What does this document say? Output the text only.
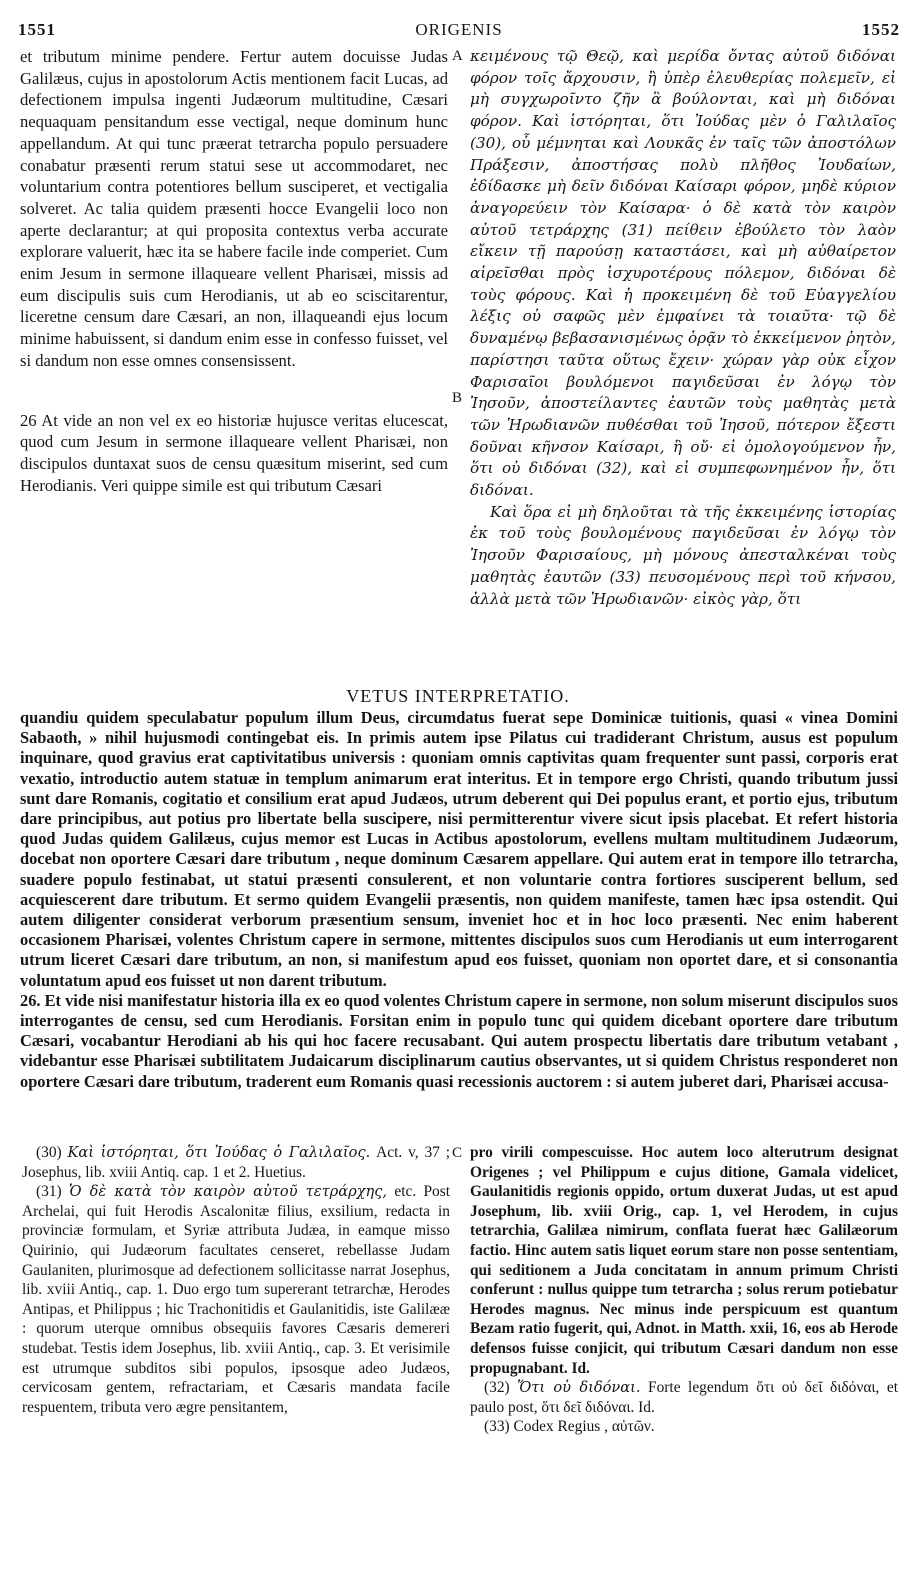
1551	ORIGENIS	1552

et tributum minime pendere. Fertur autem docuisse Judas Galilæus, cujus in apostolorum Actis mentionem facit Lucas, ad defectionem impulsa ingenti Judæorum multitudine, Cæsari nequaquam pensitandum esse vectigal, neque dominum hunc appellandum. At qui tunc præerat tetrarcha populo persuadere conabatur præsenti rerum statui sese ut accommodaret, nec voluntarium contra potentiores bellum susciperet, et vectigalia solveret. Ac talia quidem præsenti hocce Evangelii loco non aperte declarantur; at qui proposita contextus verba accurate explorare valuerit, hæc ita se habere facile inde comperiet. Cum enim Jesum in sermone illaqueare vellent Pharisæi, missis ad eum discipulis suis cum Herodianis, ut ab eo sciscitarentur, liceretne censum dare Cæsari, an non, illaqueandi ejus locum minime habuissent, si dandum enim esse in confesso fuisset, vel si dandum non esse omnes consensissent.

26 At vide an non vel ex eo historiæ hujusce veritas elucescat, quod cum Jesum in sermone illaqueare vellent Pharisæi, non discipulos duntaxat suos de censu quæsitum miserint, sed cum Herodianis. Veri quippe simile est qui tributum Cæsari

A
B

κειμένους τῷ Θεῷ, καὶ μερίδα ὄντας αὐτοῦ διδόναι φόρον τοῖς ἄρχουσιν, ἢ ὑπὲρ ἐλευθερίας πολεμεῖν, εἰ μὴ συγχωροῖντο ζῆν ἃ βούλονται, καὶ μὴ διδόναι φόρον. Καὶ ἱστόρηται, ὅτι Ἰούδας μὲν ὁ Γαλιλαῖος (30), οὗ μέμνηται καὶ Λουκᾶς ἐν ταῖς τῶν ἀποστόλων Πράξεσιν, ἀποστήσας πολὺ πλῆθος Ἰουδαίων, ἐδίδασκε μὴ δεῖν διδόναι Καίσαρι φόρον, μηδὲ κύριον ἀναγορεύειν τὸν Καίσαρα· ὁ δὲ κατὰ τὸν καιρὸν αὐτοῦ τετράρχης (31) πείθειν ἐβούλετο τὸν λαὸν εἴκειν τῇ παρούσῃ καταστάσει, καὶ μὴ αὐθαίρετον αἱρεῖσθαι πρὸς ἰσχυροτέρους πόλεμον, διδόναι δὲ τοὺς φόρους. Καὶ ἡ προκειμένη δὲ τοῦ Εὐαγγελίου λέξις οὐ σαφῶς μὲν ἐμφαίνει τὰ τοιαῦτα· τῷ δὲ δυναμένῳ βεβασανισμένως ὁρᾷν τὸ ἐκκείμενον ῥητὸν, παρίστησι ταῦτα οὕτως ἔχειν· χώραν γὰρ οὐκ εἶχον Φαρισαῖοι βουλόμενοι παγιδεῦσαι ἐν λόγῳ τὸν Ἰησοῦν, ἀποστείλαντες ἑαυτῶν τοὺς μαθητὰς μετὰ τῶν Ἡρωδιανῶν πυθέσθαι τοῦ Ἰησοῦ, πότερον ἔξεστι δοῦναι κῆνσον Καίσαρι, ἢ οὔ· εἰ ὁμολογούμενον ἦν, ὅτι οὐ διδόναι (32), καὶ εἰ συμπεφωνημένον ἦν, ὅτι διδόναι.

Καὶ ὅρα εἰ μὴ δηλοῦται τὰ τῆς ἐκκειμένης ἱστορίας ἐκ τοῦ τοὺς βουλομένους παγιδεῦσαι ἐν λόγῳ τὸν Ἰησοῦν Φαρισαίους, μὴ μόνους ἀπεσταλκέναι τοὺς μαθητὰς ἑαυτῶν (33) πευσομένους περὶ τοῦ κήνσου, ἀλλὰ μετὰ τῶν Ἡρωδιανῶν· εἰκὸς γὰρ, ὅτι

VETUS INTERPRETATIO.

quandiu quidem speculabatur populum illum Deus, circumdatus fuerat sepe Dominicæ tuitionis, quasi « vinea Domini Sabaoth, » nihil hujusmodi contingebat eis. In primis autem ipse Pilatus cui tradiderant Christum, ausus est populum inquinare, quod gravius erat captivitatibus universis : quoniam omnis captivitas quam frequenter sunt passi, corporis erat vexatio, introductio autem statuæ in templum animarum erat interitus. Et in tempore ergo Christi, quando tributum jussi sunt dare Romanis, cogitatio et consilium erat apud Judæos, utrum deberent qui Dei populus erant, et portio ejus, tributum dare principibus, aut potius pro libertate bella suscipere, nisi permitterentur vivere sicut ipsis placebat. Et refert historia quod Judas quidem Galilæus, cujus memor est Lucas in Actibus apostolorum, evellens multam multitudinem Judæorum, docebat non oportere Cæsari dare tributum , neque dominum Cæsarem appellare. Qui autem erat in tempore illo tetrarcha, suadere populo festinabat, ut statui præsenti consulerent, et non voluntarie contra fortiores susciperent bellum, sed acquiescerent dare tributum. Et sermo quidem Evangelii præsentis, non quidem manifeste, tamen hæc ipsa ostendit. Qui autem diligenter considerat verborum præsentium sensum, inveniet hoc et in hoc loco præsenti. Nec enim haberent occasionem Pharisæi, volentes Christum capere in sermone, mittentes discipulos suos cum Herodianis ut eum interrogarent utrum liceret Cæsari dare tributum, an non, si manifestum apud eos fuisset, quoniam non oportet dare, et si consonantia voluntatum apud eos fuisset ut non darent tributum.

26. Et vide nisi manifestatur historia illa ex eo quod volentes Christum capere in sermone, non solum miserunt discipulos suos interrogantes de censu, sed cum Herodianis. Forsitan enim in populo tunc qui quidem dicebant oportere dare tributum Cæsari, vocabantur Herodiani ab his qui hoc facere recusabant. Qui autem prospectu libertatis dare tributum vetabant , videbantur esse Pharisæi subtilitatem Judaicarum disciplinarum cautius observantes, ut si quidem Christus responderet non oportere Cæsari dare tributum, traderent eum Romanis quasi recessionis auctorem : si autem juberet dari, Pharisæi accusa-

C

(30) Καὶ ἱστόρηται, ὅτι Ἰούδας ὁ Γαλιλαῖος. Act. v, 37 ; Josephus, lib. xviii Antiq. cap. 1 et 2. Huetius.

(31) Ὁ δὲ κατὰ τὸν καιρὸν αὐτοῦ τετράρχης, etc. Post Archelai, qui fuit Herodis Ascalonitæ filius, exsilium, redacta in provinciæ formulam, et Syriæ attributa Judæa, in eamque misso Quirinio, qui Judæorum facultates censeret, rebellasse Judam Gaulaniten, plurimosque ad defectionem sollicitasse narrat Josephus, lib. xviii Antiq., cap. 1. Duo ergo tum supererant tetrarchæ, Herodes Antipas, et Philippus ; hic Trachonitidis et Gaulanitidis, iste Galilææ : quorum uterque omnibus obsequiis favores Cæsaris demereri studebat. Testis idem Josephus, lib. xviii Antiq., cap. 3. Et verisimile est utrumque subditos sibi populos, ipsosque adeo Judæos, cervicosam gentem, refractariam, et Cæsaris mandata facile respuentem, tributa vero ægre pensitantem,

pro virili compescuisse. Hoc autem loco alterutrum designat Origenes ; vel Philippum e cujus ditione, Gamala videlicet, Gaulanitidis regionis oppido, ortum duxerat Judas, ut est apud Josephum, lib. xviii Orig., cap. 1, vel Herodem, in cujus tetrarchia, Galilæa nimirum, conflata fuerat hæc Galilæorum factio. Hinc autem satis liquet eorum stare non posse sententiam, qui seditionem a Juda concitatam in annum primum Christi conferunt : nullus quippe tum tetrarcha ; solus rerum potiebatur Herodes magnus. Nec minus inde perspicuum est quantum Bezam ratio fugerit, qui, Adnot. in Matth. xxii, 16, eos ab Herode defensos fuisse conjicit, qui tributum Cæsari dandum non esse propugnabant. Id.

(32) Ὅτι οὐ διδόναι. Forte legendum ὅτι οὐ δεῖ διδόναι, et paulo post, ὅτι δεῖ διδόναι. Id.

(33) Codex Regius , αὐτῶν.
